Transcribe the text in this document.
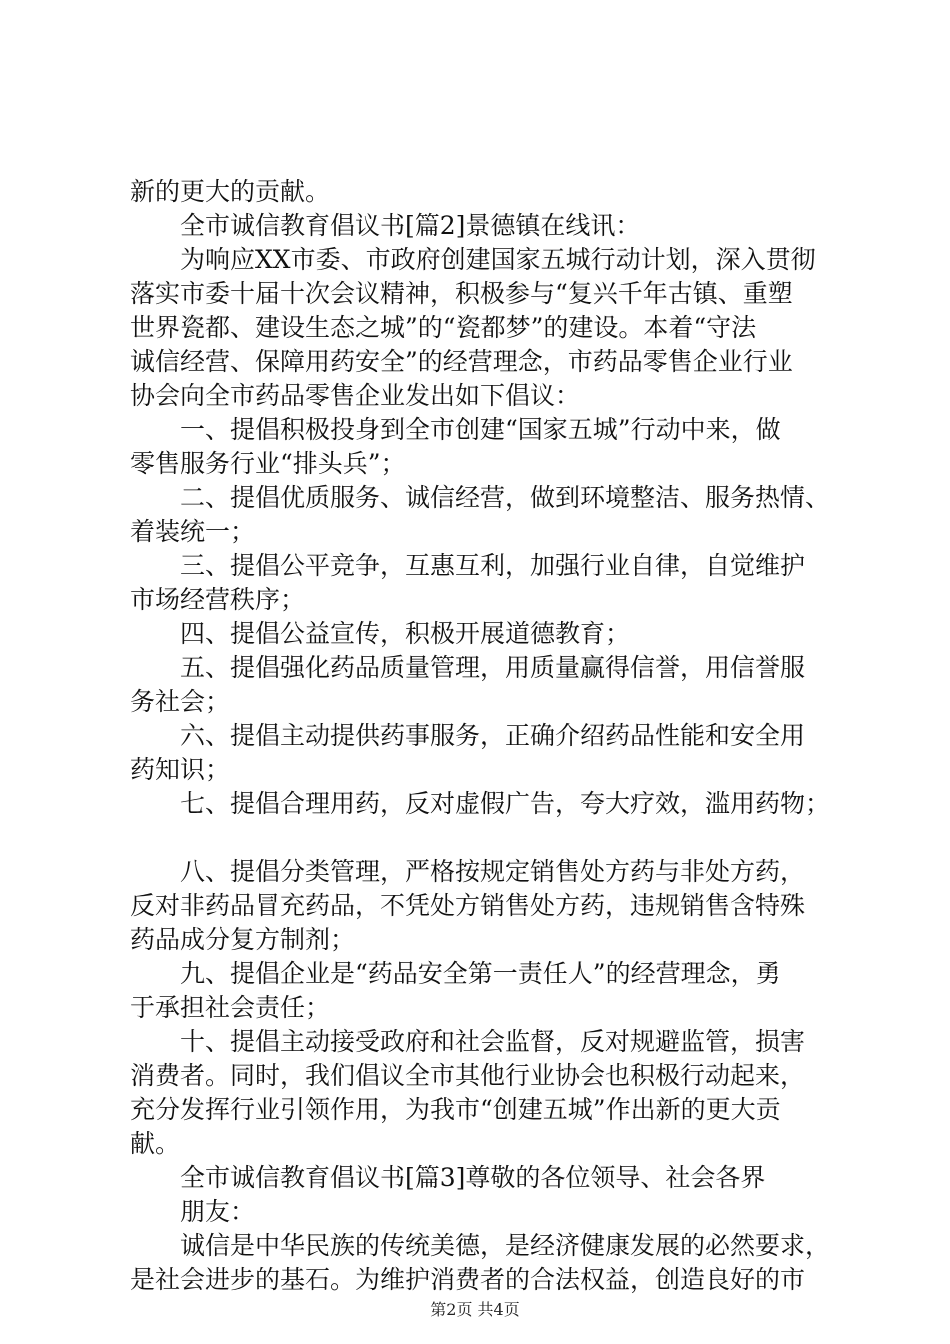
新的更大的贡献。
全市诚信教育倡议书[篇2]景德镇在线讯：
为响应XX市委、市政府创建国家五城行动计划，深入贯彻
落实市委十届十次会议精神，积极参与“复兴千年古镇、重塑
世界瓷都、建设生态之城”的“瓷都梦”的建设。本着“守法
诚信经营、保障用药安全”的经营理念，市药品零售企业行业
协会向全市药品零售企业发出如下倡议：
一、提倡积极投身到全市创建“国家五城”行动中来，做
零售服务行业“排头兵”；
二、提倡优质服务、诚信经营，做到环境整洁、服务热情、
着装统一；
三、提倡公平竞争，互惠互利，加强行业自律，自觉维护
市场经营秩序；
四、提倡公益宣传，积极开展道德教育；
五、提倡强化药品质量管理，用质量赢得信誉，用信誉服
务社会；
六、提倡主动提供药事服务，正确介绍药品性能和安全用
药知识；
七、提倡合理用药，反对虚假广告，夸大疗效，滥用药物；
八、提倡分类管理，严格按规定销售处方药与非处方药，
反对非药品冒充药品，不凭处方销售处方药，违规销售含特殊
药品成分复方制剂；
九、提倡企业是“药品安全第一责任人”的经营理念，勇
于承担社会责任；
十、提倡主动接受政府和社会监督，反对规避监管，损害
消费者。同时，我们倡议全市其他行业协会也积极行动起来，
充分发挥行业引领作用，为我市“创建五城”作出新的更大贡
献。
全市诚信教育倡议书[篇3]尊敬的各位领导、社会各界
朋友：
诚信是中华民族的传统美德，是经济健康发展的必然要求，
是社会进步的基石。为维护消费者的合法权益，创造良好的市
第2页 共4页
